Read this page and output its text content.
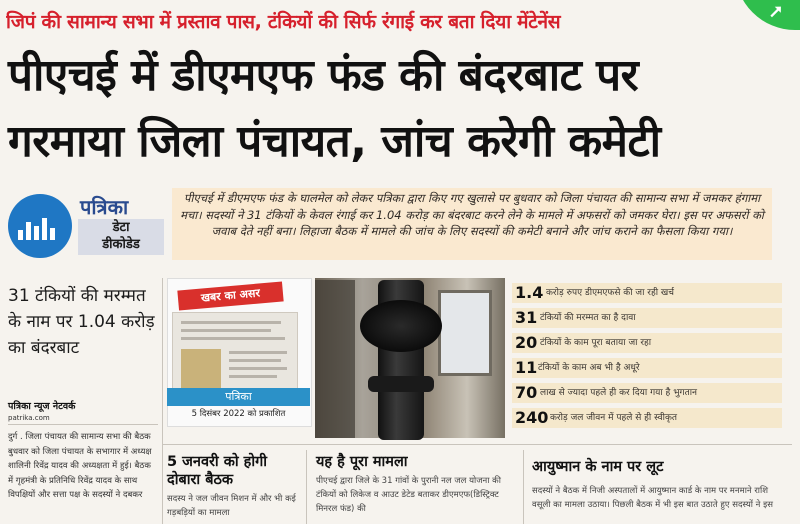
⭧
जिपं की सामान्य सभा में प्रस्ताव पास, टंकियों की सिर्फ रंगाई कर बता दिया मेंटेनेंस
पीएचई में डीएमएफ फंड की बंदरबाट पर
गरमाया जिला पंचायत, जांच करेगी कमेटी
पत्रिका
डेटा
डीकोडेड
पीएचई में डीएमएफ फंड के घालमेल को लेकर पत्रिका द्वारा किए गए खुलासे पर बुधवार को जिला पंचायत की सामान्य सभा में जमकर हंगामा मचा। सदस्यों ने 31 टंकियों के केवल रंगाई कर 1.04 करोड़ का बंदरबाट करने लेने के मामले में अफसरों को जमकर घेरा। इस पर अफसरों को जवाब देते नहीं बना। लिहाजा बैठक में मामले की जांच के लिए सदस्यों की कमेटी बनाने और जांच कराने का फैसला किया गया।
31 टंकियों की मरम्मत के नाम पर 1.04 करोड़ का बंदरबाट
पत्रिका न्यूज नेटवर्क
patrika.com
दुर्ग . जिला पंचायत की सामान्य सभा की बैठक बुधवार को जिला पंचायत के सभागार में अध्यक्ष शालिनी रिवेंद्र यादव की अध्यक्षता में हुई। बैठक में गृहमंत्री के प्रतिनिधि रिवेंद्र यादव के साथ विपक्षियों और सत्ता पक्ष के सदस्यों ने दबकर
खबर का असर
पत्रिका
5 दिसंबर 2022 को प्रकाशित
1.4 करोड़ रुपए डीएमएफसे की जा रही खर्च
31 टंकियों की मरम्मत का है दावा
20 टंकियों के काम पूरा बताया जा रहा
11 टंकियों के काम अब भी है अधूरे
70 लाख से ज्यादा पहले ही कर दिया गया है भुगतान
240 करोड़ जल जीवन में पहले से ही स्वीकृत
5 जनवरी को होगी दोबारा बैठक
सदस्य ने जल जीवन मिशन में और भी कई गड़बड़ियों का मामला
यह है पूरा मामला
पीएचई द्वारा जिले के 31 गांवों के पुरानी नल जल योजना की टंकियों को लिकेज व आउट डेटेड बताकर डीएमएफ(डिस्ट्रिक्ट मिनरल फंड) की
आयुष्मान के नाम पर लूट
सदस्यों ने बैठक में निजी अस्पतालों में आयुष्मान कार्ड के नाम पर मनमाने राशि वसूली का मामला उठाया। पिछली बैठक में भी इस बात उठाते हुए सदस्यों ने इस
